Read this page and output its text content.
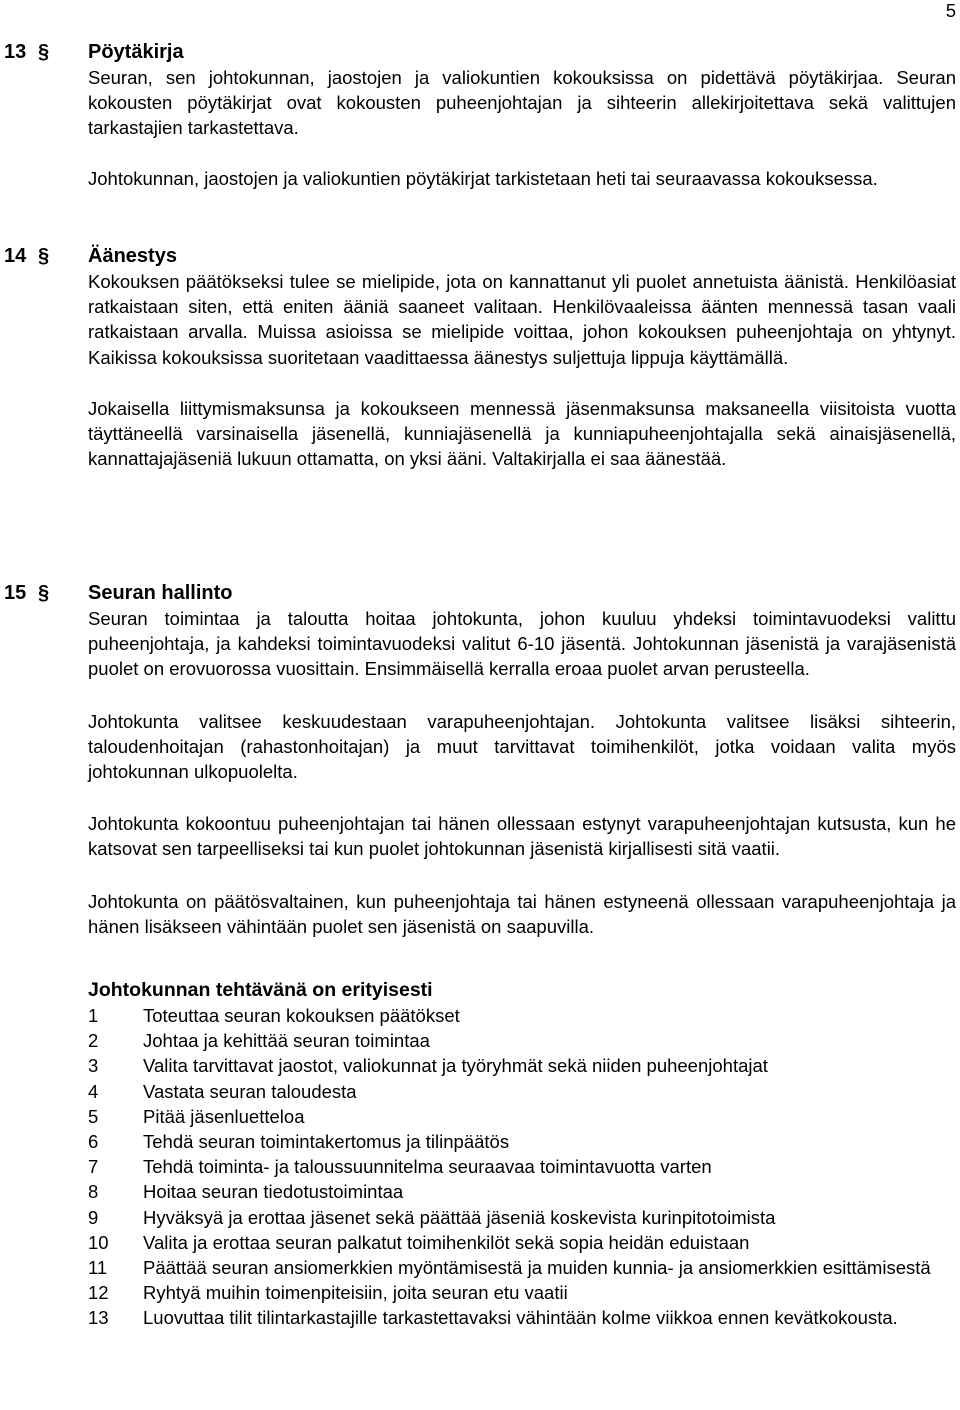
5
13 § Pöytäkirja

Seuran, sen johtokunnan, jaostojen ja valiokuntien kokouksissa on pidettävä pöytäkirjaa. Seuran kokousten pöytäkirjat ovat kokousten puheenjohtajan ja sihteerin allekirjoitettava sekä valittujen tarkastajien tarkastettava.

Johtokunnan, jaostojen ja valiokuntien pöytäkirjat tarkistetaan heti tai seuraavassa kokouksessa.

14 § Äänestys

Kokouksen päätökseksi tulee se mielipide, jota on kannattanut yli puolet annetuista äänistä. Henkilöasiat ratkaistaan siten, että eniten ääniä saaneet valitaan. Henkilövaaleissa äänten mennessä tasan vaali ratkaistaan arvalla. Muissa asioissa se mielipide voittaa, johon kokouksen puheenjohtaja on yhtynyt. Kaikissa kokouksissa suoritetaan vaadittaessa äänestys suljettuja lippuja käyttämällä.

Jokaisella liittymismaksunsa ja kokoukseen mennessä jäsenmaksunsa maksaneella viisitoista vuotta täyttäneellä varsinaisella jäsenellä, kunniajäsenellä ja kunniapuheenjohtajalla sekä ainaisjäsenellä, kannattajajäseniä lukuun ottamatta, on yksi ääni. Valtakirjalla ei saa äänestää.

15 § Seuran hallinto

Seuran toimintaa ja taloutta hoitaa johtokunta, johon kuuluu yhdeksi toimintavuodeksi valittu puheenjohtaja, ja kahdeksi toimintavuodeksi valitut 6-10 jäsentä. Johtokunnan jäsenistä ja varajäsenistä puolet on erovuorossa vuosittain. Ensimmäisellä kerralla eroaa puolet arvan perusteella.

Johtokunta valitsee keskuudestaan varapuheenjohtajan. Johtokunta valitsee lisäksi sihteerin, taloudenhoitajan (rahastonhoitajan) ja muut tarvittavat toimihenkilöt, jotka voidaan valita myös johtokunnan ulkopuolelta.

Johtokunta kokoontuu puheenjohtajan tai hänen ollessaan estynyt varapuheenjohtajan kutsusta, kun he katsovat sen tarpeelliseksi tai kun puolet johtokunnan jäsenistä kirjallisesti sitä vaatii.

Johtokunta on päätösvaltainen, kun puheenjohtaja tai hänen estyneenä ollessaan varapuheenjohtaja ja hänen lisäkseen vähintään puolet sen jäsenistä on saapuvilla.

Johtokunnan tehtävänä on erityisesti
1 Toteuttaa seuran kokouksen päätökset
2 Johtaa ja kehittää seuran toimintaa
3 Valita tarvittavat jaostot, valiokunnat ja työryhmät sekä niiden puheenjohtajat
4 Vastata seuran taloudesta
5 Pitää jäsenluetteloa
6 Tehdä seuran toimintakertomus ja tilinpäätös
7 Tehdä toiminta- ja taloussuunnitelma seuraavaa toimintavuotta varten
8 Hoitaa seuran tiedotustoimintaa
9 Hyväksyä ja erottaa jäsenet sekä päättää jäseniä koskevista kurinpitotoimista
10 Valita ja erottaa seuran palkatut toimihenkilöt sekä sopia heidän eduistaan
11 Päättää seuran ansiomerkkien myöntämisestä ja muiden kunnia- ja ansiomerkkien esittämisestä
12 Ryhtyä muihin toimenpiteisiin, joita seuran etu vaatii
13 Luovuttaa tilit tilintarkastajille tarkastettavaksi vähintään kolme viikkoa ennen kevätkokousta.
